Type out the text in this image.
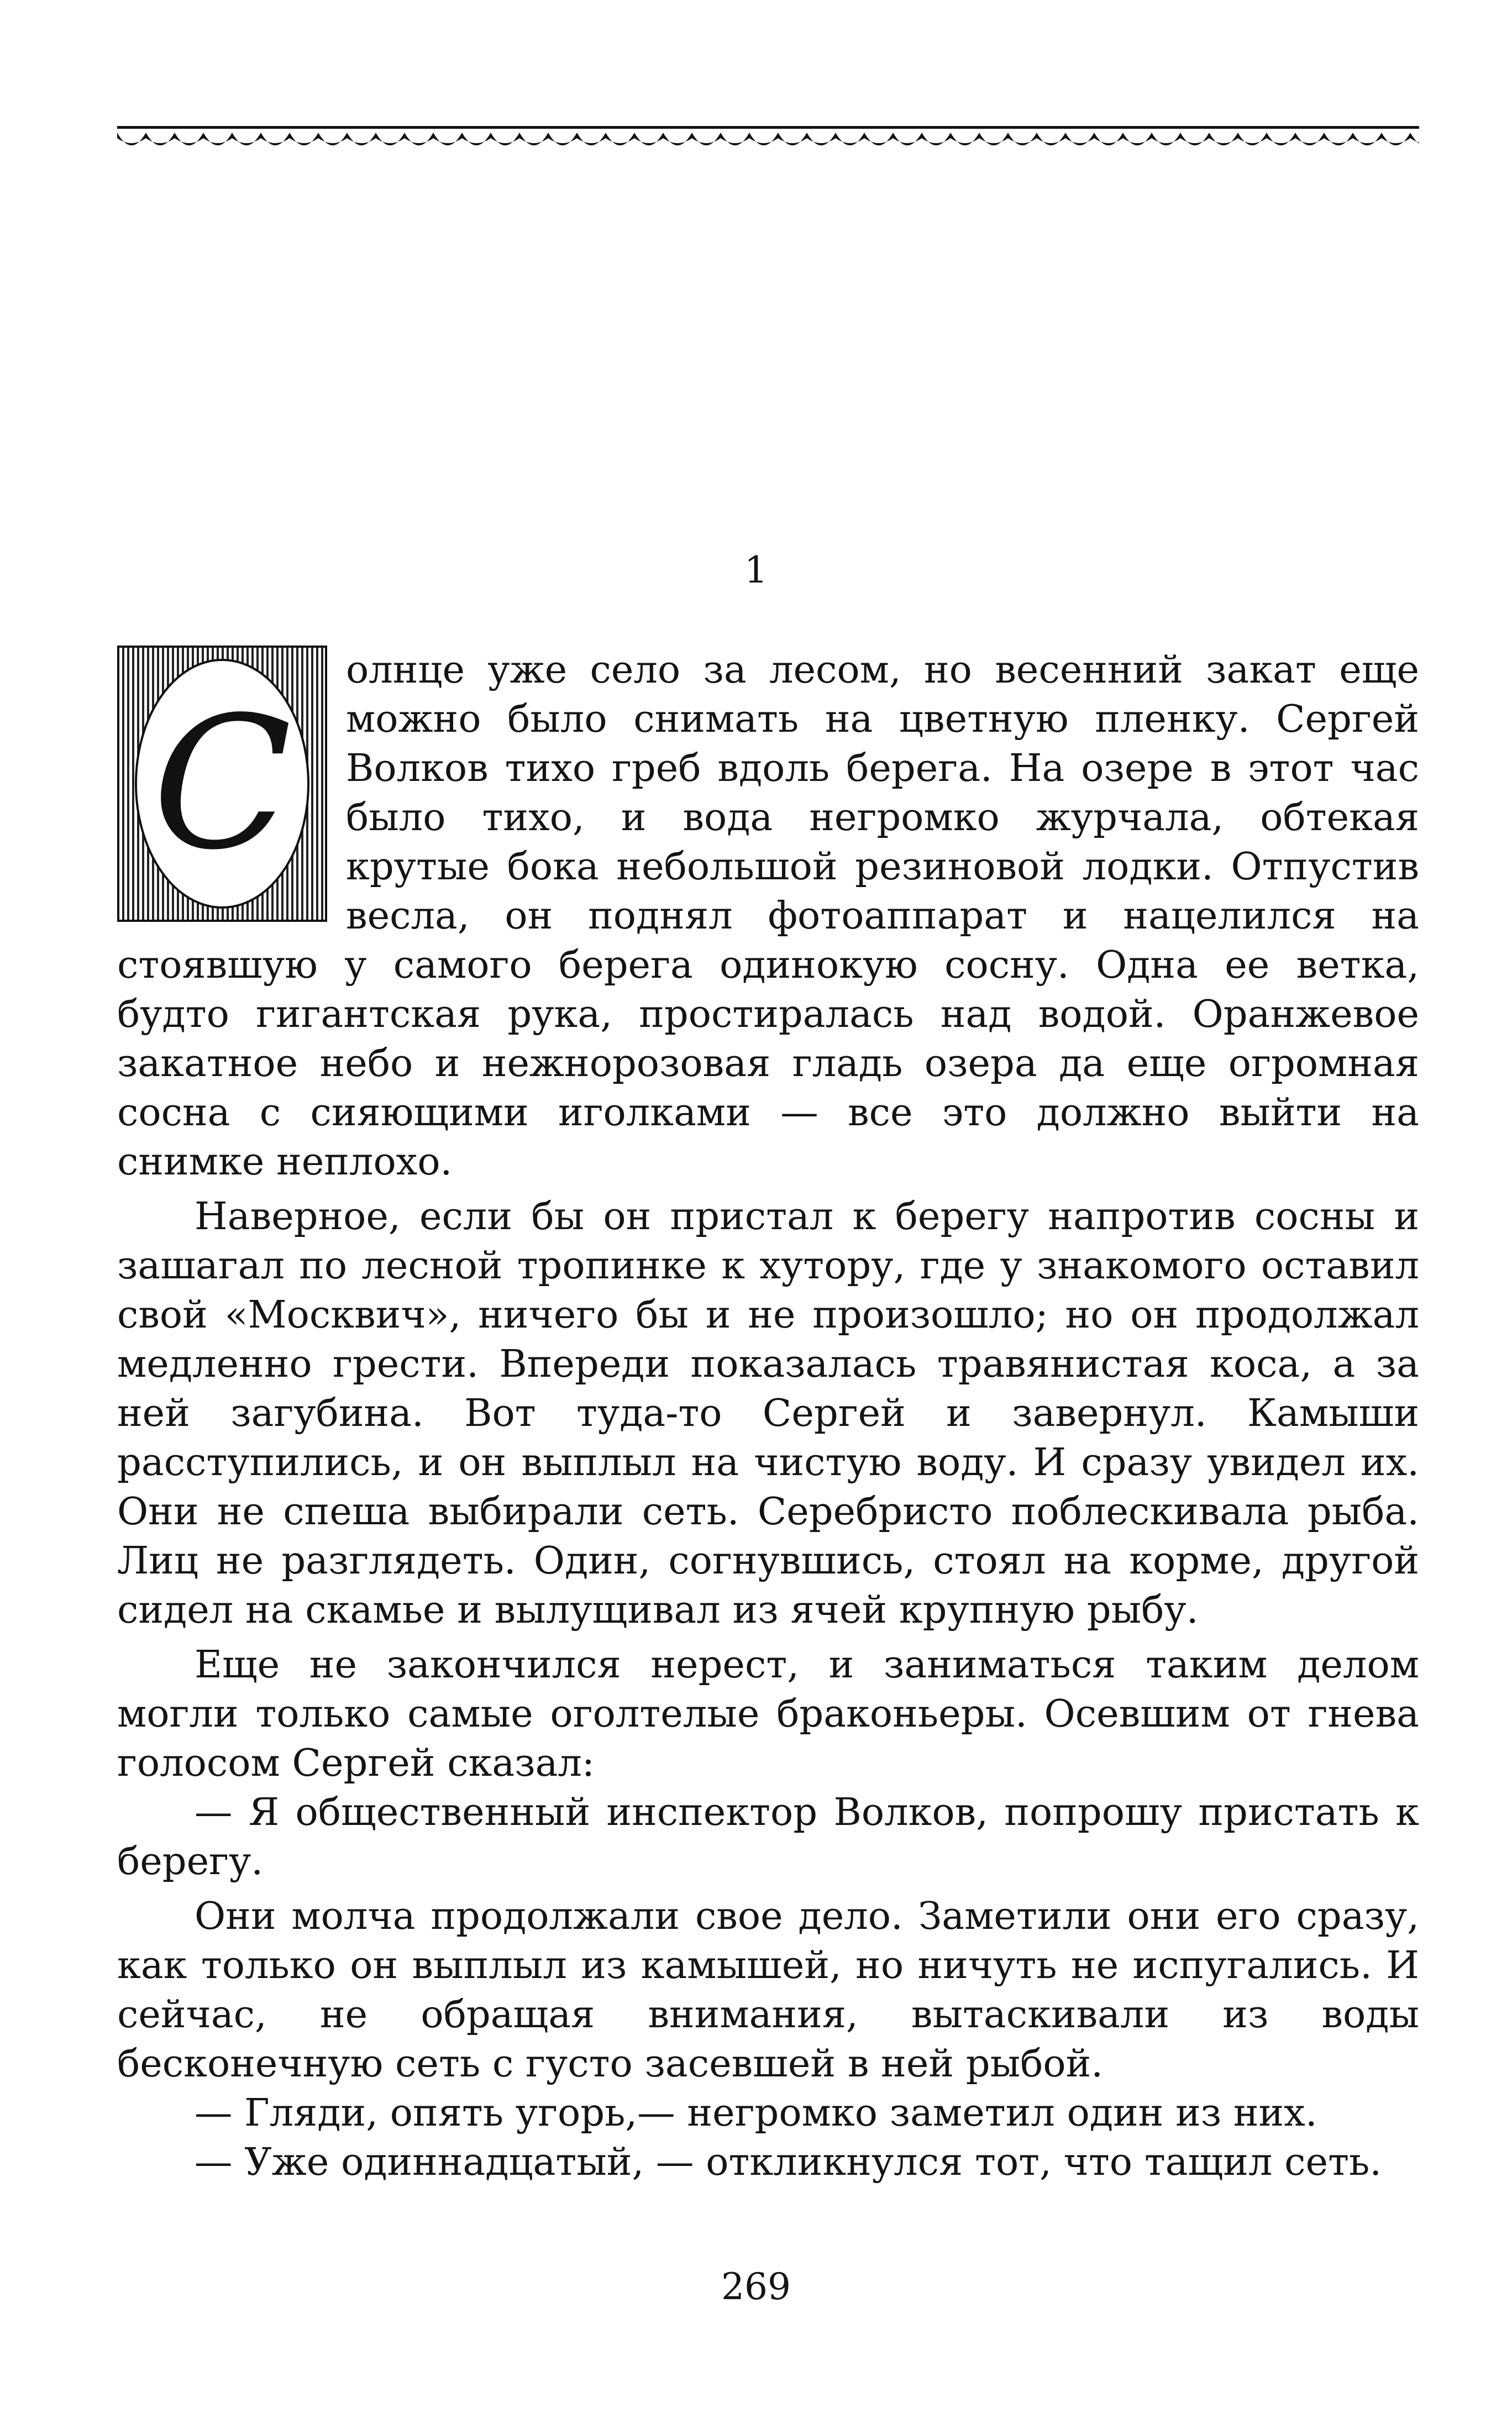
1

С
олнце уже село за лесом, но весенний закат еще можно было снимать на цветную пленку. Сергей Волков тихо греб вдоль берега. На озере в этот час было тихо, и вода негромко журчала, обтекая крутые бока небольшой резиновой лодки. Отпустив весла, он поднял фотоаппарат и нацелился на стоявшую у самого берега одинокую сосну. Одна ее ветка, будто гигантская рука, простиралась над водой. Оранжевое закатное небо и нежнорозовая гладь озера да еще огромная сосна с сияющими иголками — все это должно выйти на снимке неплохо.

Наверное, если бы он пристал к берегу напротив сосны и зашагал по лесной тропинке к хутору, где у знакомого оставил свой «Москвич», ничего бы и не произошло; но он продолжал медленно грести. Впереди показалась травянистая коса, а за ней загубина. Вот туда-то Сергей и завернул. Камыши расступились, и он выплыл на чистую воду. И сразу увидел их. Они не спеша выбирали сеть. Серебристо поблескивала рыба. Лиц не разглядеть. Один, согнувшись, стоял на корме, другой сидел на скамье и вылущивал из ячей крупную рыбу.

Еще не закончился нерест, и заниматься таким делом могли только самые оголтелые браконьеры. Осевшим от гнева голосом Сергей сказал:

— Я общественный инспектор Волков, попрошу пристать к берегу.

Они молча продолжали свое дело. Заметили они его сразу, как только он выплыл из камышей, но ничуть не испугались. И сейчас, не обращая внимания, вытаскивали из воды бесконечную сеть с густо засевшей в ней рыбой.

— Гляди, опять угорь,— негромко заметил один из них.

— Уже одиннадцатый, — откликнулся тот, что тащил сеть.

269
